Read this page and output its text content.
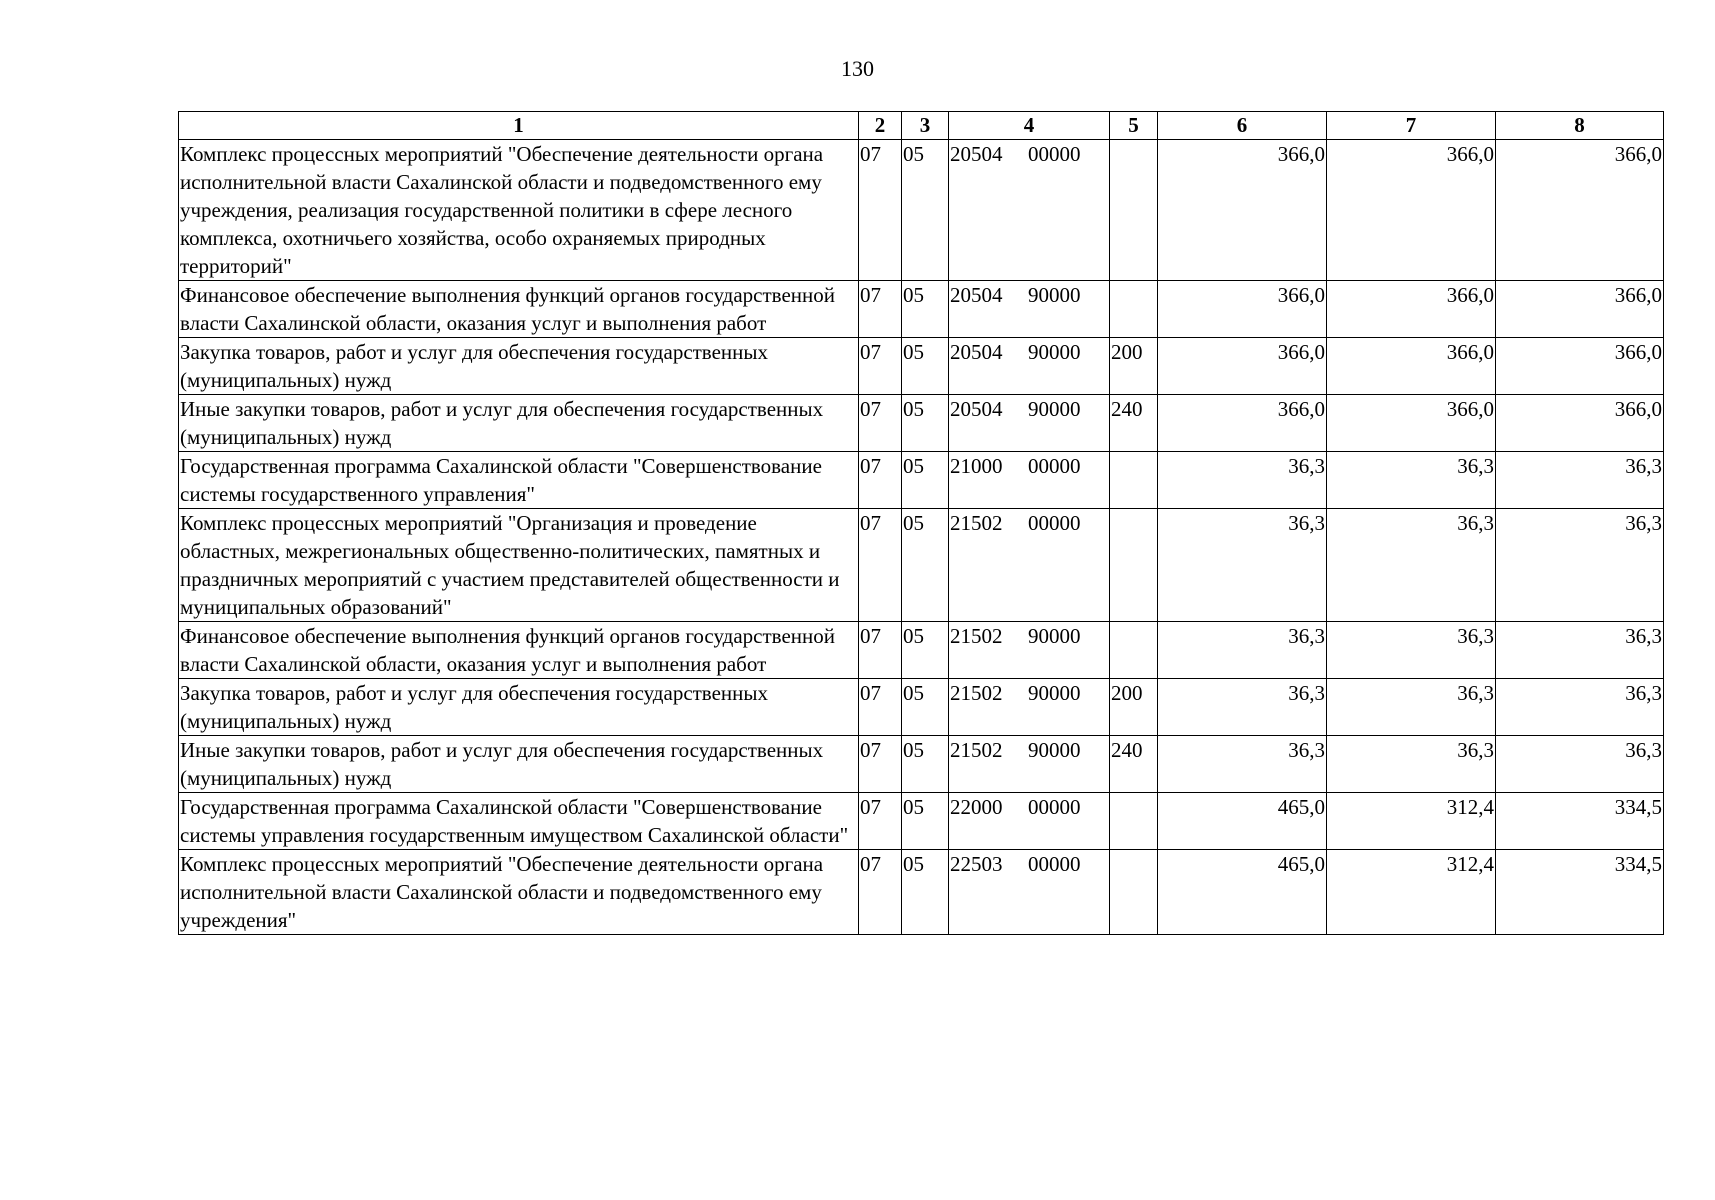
130
1	2	3	4	5	6	7	8
Комплекс процессных мероприятий "Обеспечение деятельности органа исполнительной власти Сахалинской области и подведомственного ему учреждения, реализация государственной политики в сфере лесного комплекса, охотничьего хозяйства, особо охраняемых природных территорий"	07	05	20504 00000		366,0	366,0	366,0
Финансовое обеспечение выполнения функций органов государственной власти Сахалинской области, оказания услуг и выполнения работ	07	05	20504 90000		366,0	366,0	366,0
Закупка товаров, работ и услуг для обеспечения государственных (муниципальных) нужд	07	05	20504 90000	200	366,0	366,0	366,0
Иные закупки товаров, работ и услуг для обеспечения государственных (муниципальных) нужд	07	05	20504 90000	240	366,0	366,0	366,0
Государственная программа Сахалинской области "Совершенствование системы государственного управления"	07	05	21000 00000		36,3	36,3	36,3
Комплекс процессных мероприятий "Организация и проведение областных, межрегиональных общественно-политических, памятных и праздничных мероприятий с участием представителей общественности и муниципальных образований"	07	05	21502 00000		36,3	36,3	36,3
Финансовое обеспечение выполнения функций органов государственной власти Сахалинской области, оказания услуг и выполнения работ	07	05	21502 90000		36,3	36,3	36,3
Закупка товаров, работ и услуг для обеспечения государственных (муниципальных) нужд	07	05	21502 90000	200	36,3	36,3	36,3
Иные закупки товаров, работ и услуг для обеспечения государственных (муниципальных) нужд	07	05	21502 90000	240	36,3	36,3	36,3
Государственная программа Сахалинской области "Совершенствование системы управления государственным имуществом Сахалинской области"	07	05	22000 00000		465,0	312,4	334,5
Комплекс процессных мероприятий "Обеспечение деятельности органа исполнительной власти Сахалинской области и подведомственного ему учреждения"	07	05	22503 00000		465,0	312,4	334,5
